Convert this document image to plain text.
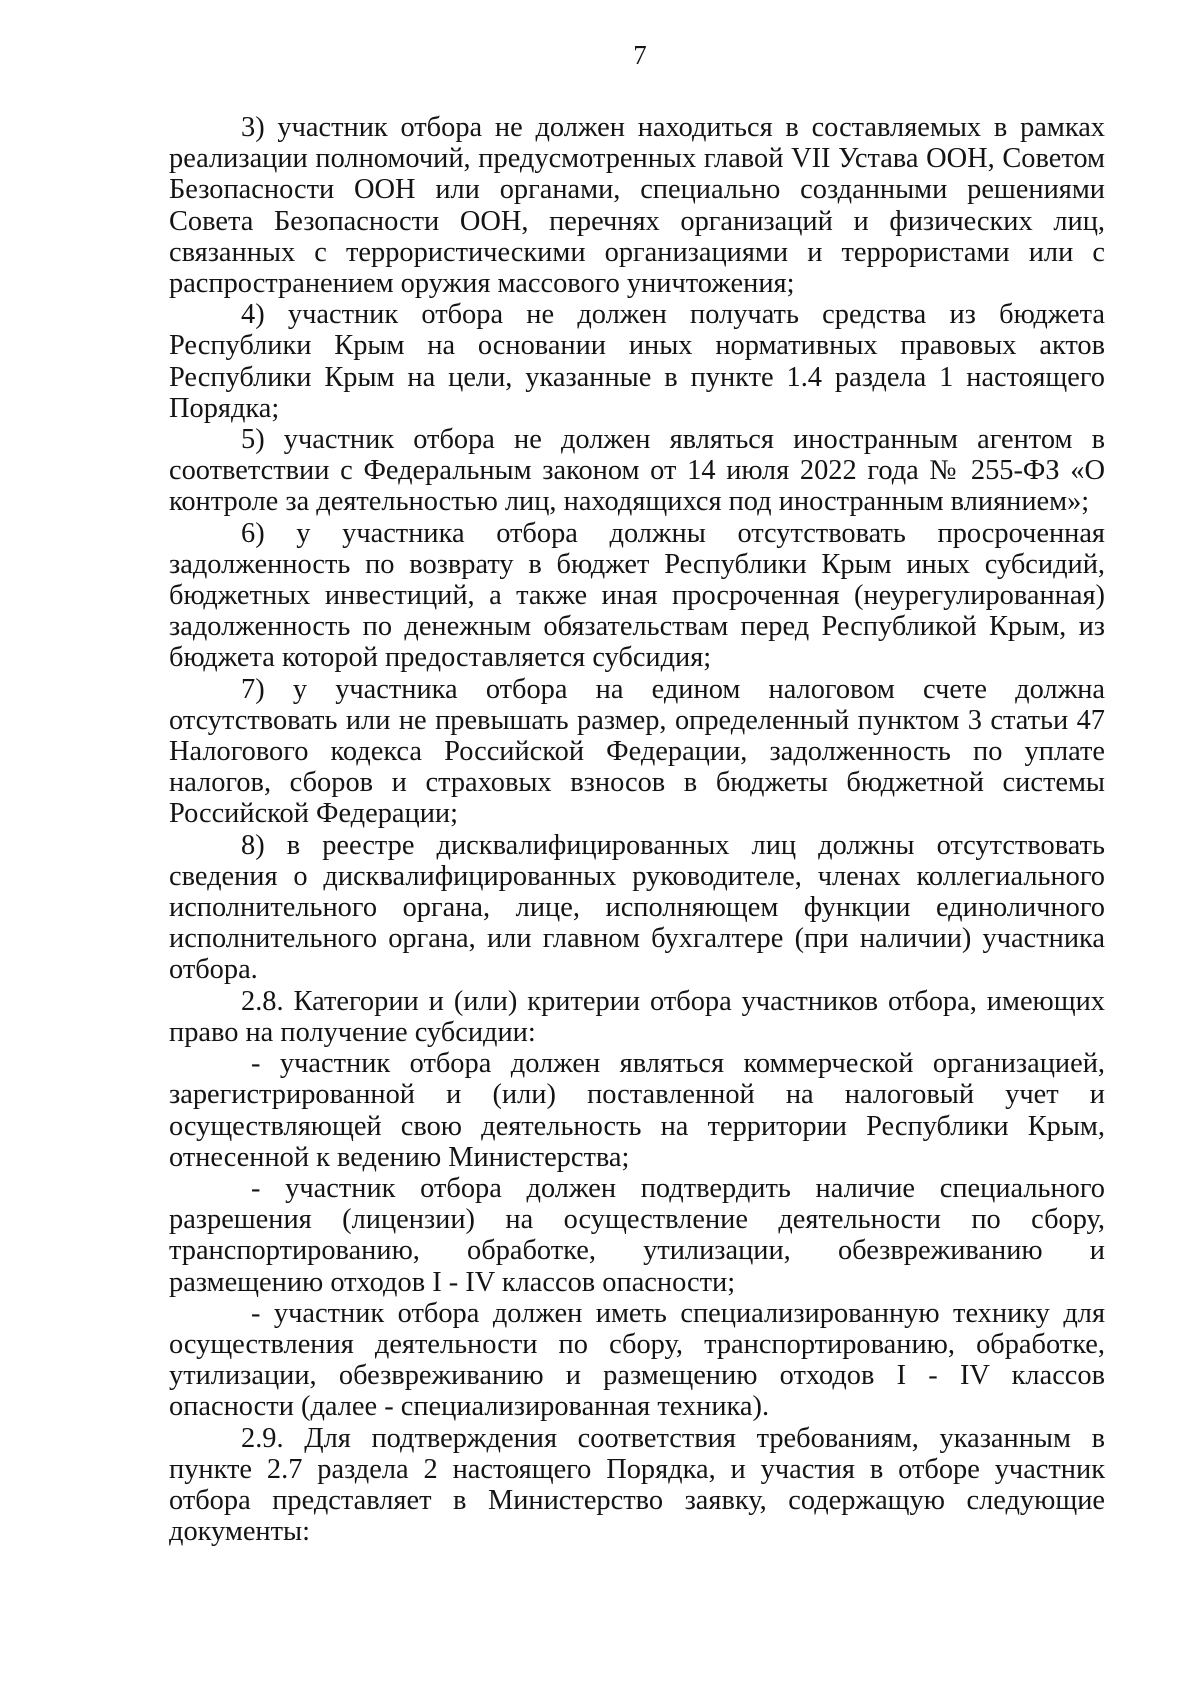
7

3) участник отбора не должен находиться в составляемых в рамках реализации полномочий, предусмотренных главой VII Устава ООН, Советом Безопасности ООН или органами, специально созданными решениями Совета Безопасности ООН, перечнях организаций и физических лиц, связанных с террористическими организациями и террористами или с распространением оружия массового уничтожения;

4) участник отбора не должен получать средства из бюджета Республики Крым на основании иных нормативных правовых актов Республики Крым на цели, указанные в пункте 1.4 раздела 1 настоящего Порядка;

5) участник отбора не должен являться иностранным агентом в соответствии с Федеральным законом от 14 июля 2022 года № 255-ФЗ «О контроле за деятельностью лиц, находящихся под иностранным влиянием»;

6) у участника отбора должны отсутствовать просроченная задолженность по возврату в бюджет Республики Крым иных субсидий, бюджетных инвестиций, а также иная просроченная (неурегулированная) задолженность по денежным обязательствам перед Республикой Крым, из бюджета которой предоставляется субсидия;

7) у участника отбора на едином налоговом счете должна отсутствовать или не превышать размер, определенный пунктом 3 статьи 47 Налогового кодекса Российской Федерации, задолженность по уплате налогов, сборов и страховых взносов в бюджеты бюджетной системы Российской Федерации;

8) в реестре дисквалифицированных лиц должны отсутствовать сведения о дисквалифицированных руководителе, членах коллегиального исполнительного органа, лице, исполняющем функции единоличного исполнительного органа, или главном бухгалтере (при наличии) участника отбора.

2.8. Категории и (или) критерии отбора участников отбора, имеющих право на получение субсидии:

- участник отбора должен являться коммерческой организацией, зарегистрированной и (или) поставленной на налоговый учет и осуществляющей свою деятельность на территории Республики Крым, отнесенной к ведению Министерства;

- участник отбора должен подтвердить наличие специального разрешения (лицензии) на осуществление деятельности по сбору, транспортированию, обработке, утилизации, обезвреживанию и размещению отходов I - IV классов опасности;

- участник отбора должен иметь специализированную технику для осуществления деятельности по сбору, транспортированию, обработке, утилизации, обезвреживанию и размещению отходов I - IV классов опасности (далее - специализированная техника).

2.9. Для подтверждения соответствия требованиям, указанным в пункте 2.7 раздела 2 настоящего Порядка, и участия в отборе участник отбора представляет в Министерство заявку, содержащую следующие документы:
